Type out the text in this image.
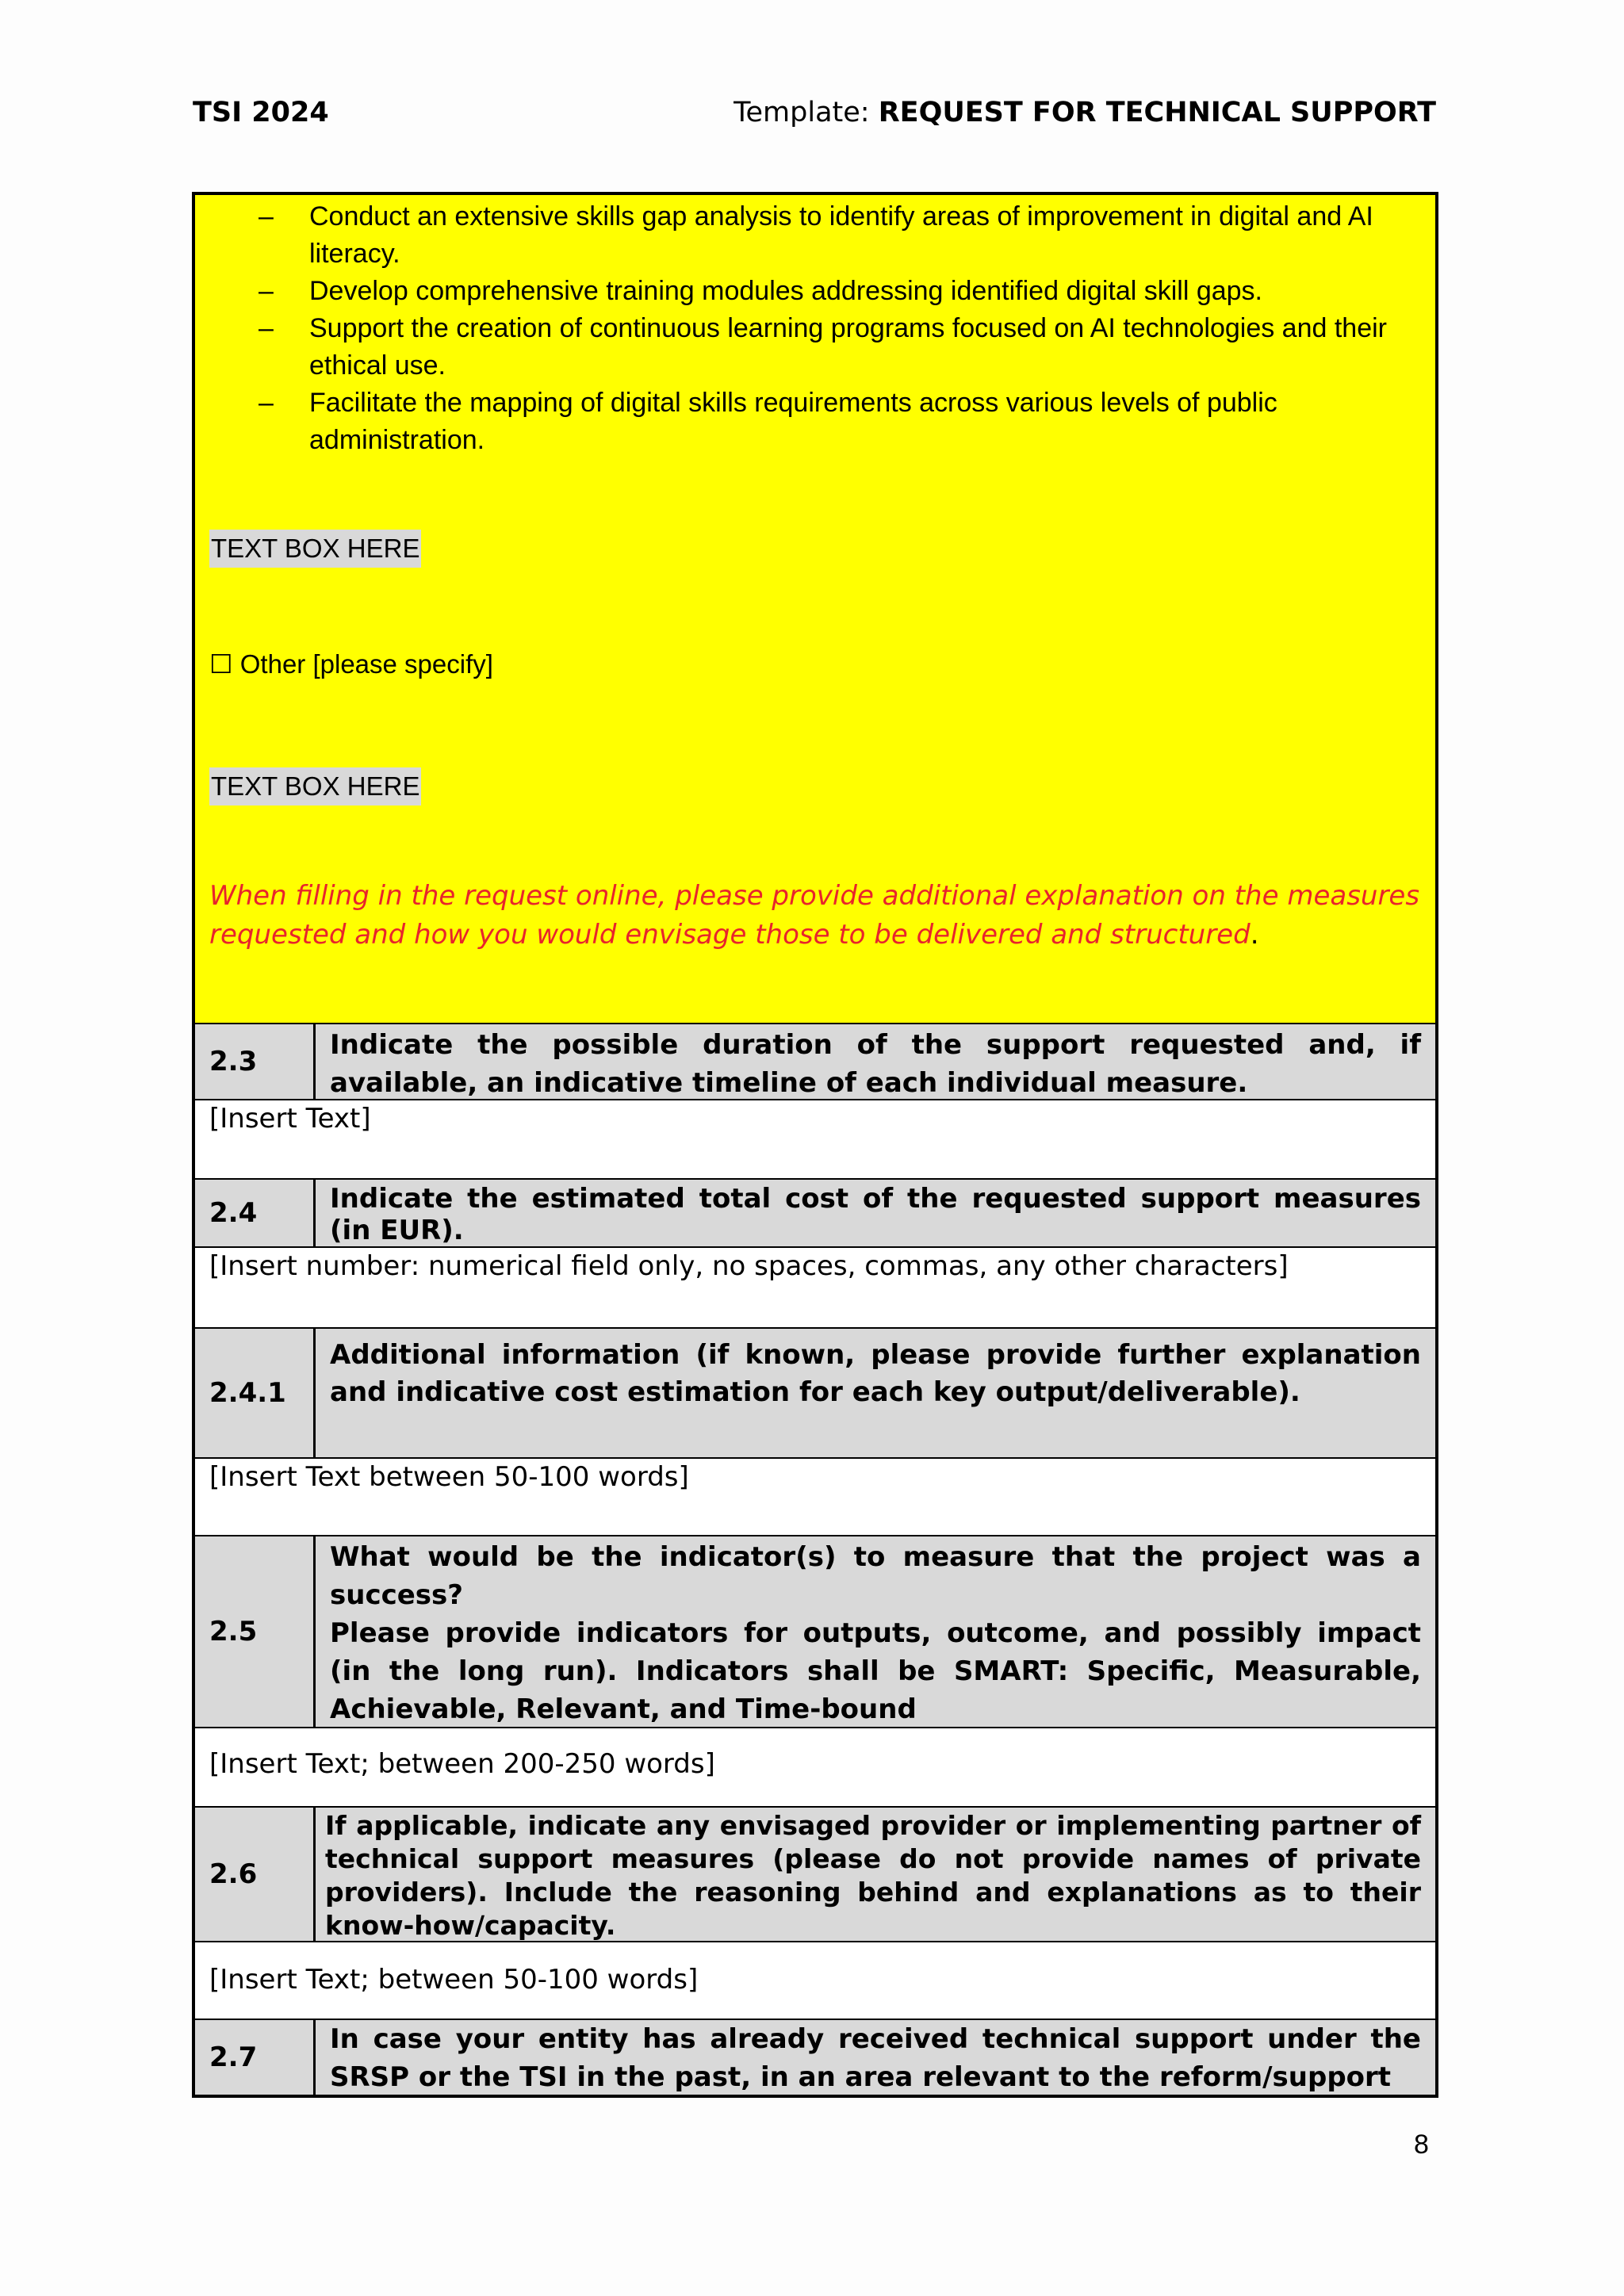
TSI 2024	Template: REQUEST FOR TECHNICAL SUPPORT
– Conduct an extensive skills gap analysis to identify areas of improvement in digital and AI literacy.
– Develop comprehensive training modules addressing identified digital skill gaps.
– Support the creation of continuous learning programs focused on AI technologies and their ethical use.
– Facilitate the mapping of digital skills requirements across various levels of public administration.
TEXT BOX HERE
☐ Other [please specify]
TEXT BOX HERE
When filling in the request online, please provide additional explanation on the measures requested and how you would envisage those to be delivered and structured.
2.3
Indicate the possible duration of the support requested and, if available, an indicative timeline of each individual measure.
[Insert Text]
2.4	Indicate the estimated total cost of the requested support measures (in EUR).
[Insert number: numerical field only, no spaces, commas, any other characters]
2.4.1
Additional information (if known, please provide further explanation and indicative cost estimation for each key output/deliverable).
[Insert Text between 50-100 words]
2.5
What would be the indicator(s) to measure that the project was a success?
Please provide indicators for outputs, outcome, and possibly impact (in the long run). Indicators shall be SMART: Specific, Measurable, Achievable, Relevant, and Time-bound
[Insert Text; between 200-250 words]
2.6
If applicable, indicate any envisaged provider or implementing partner of technical support measures (please do not provide names of private providers). Include the reasoning behind and explanations as to their know-how/capacity.
[Insert Text; between 50-100 words]
2.7
In case your entity has already received technical support under the SRSP or the TSI in the past, in an area relevant to the reform/support
8
